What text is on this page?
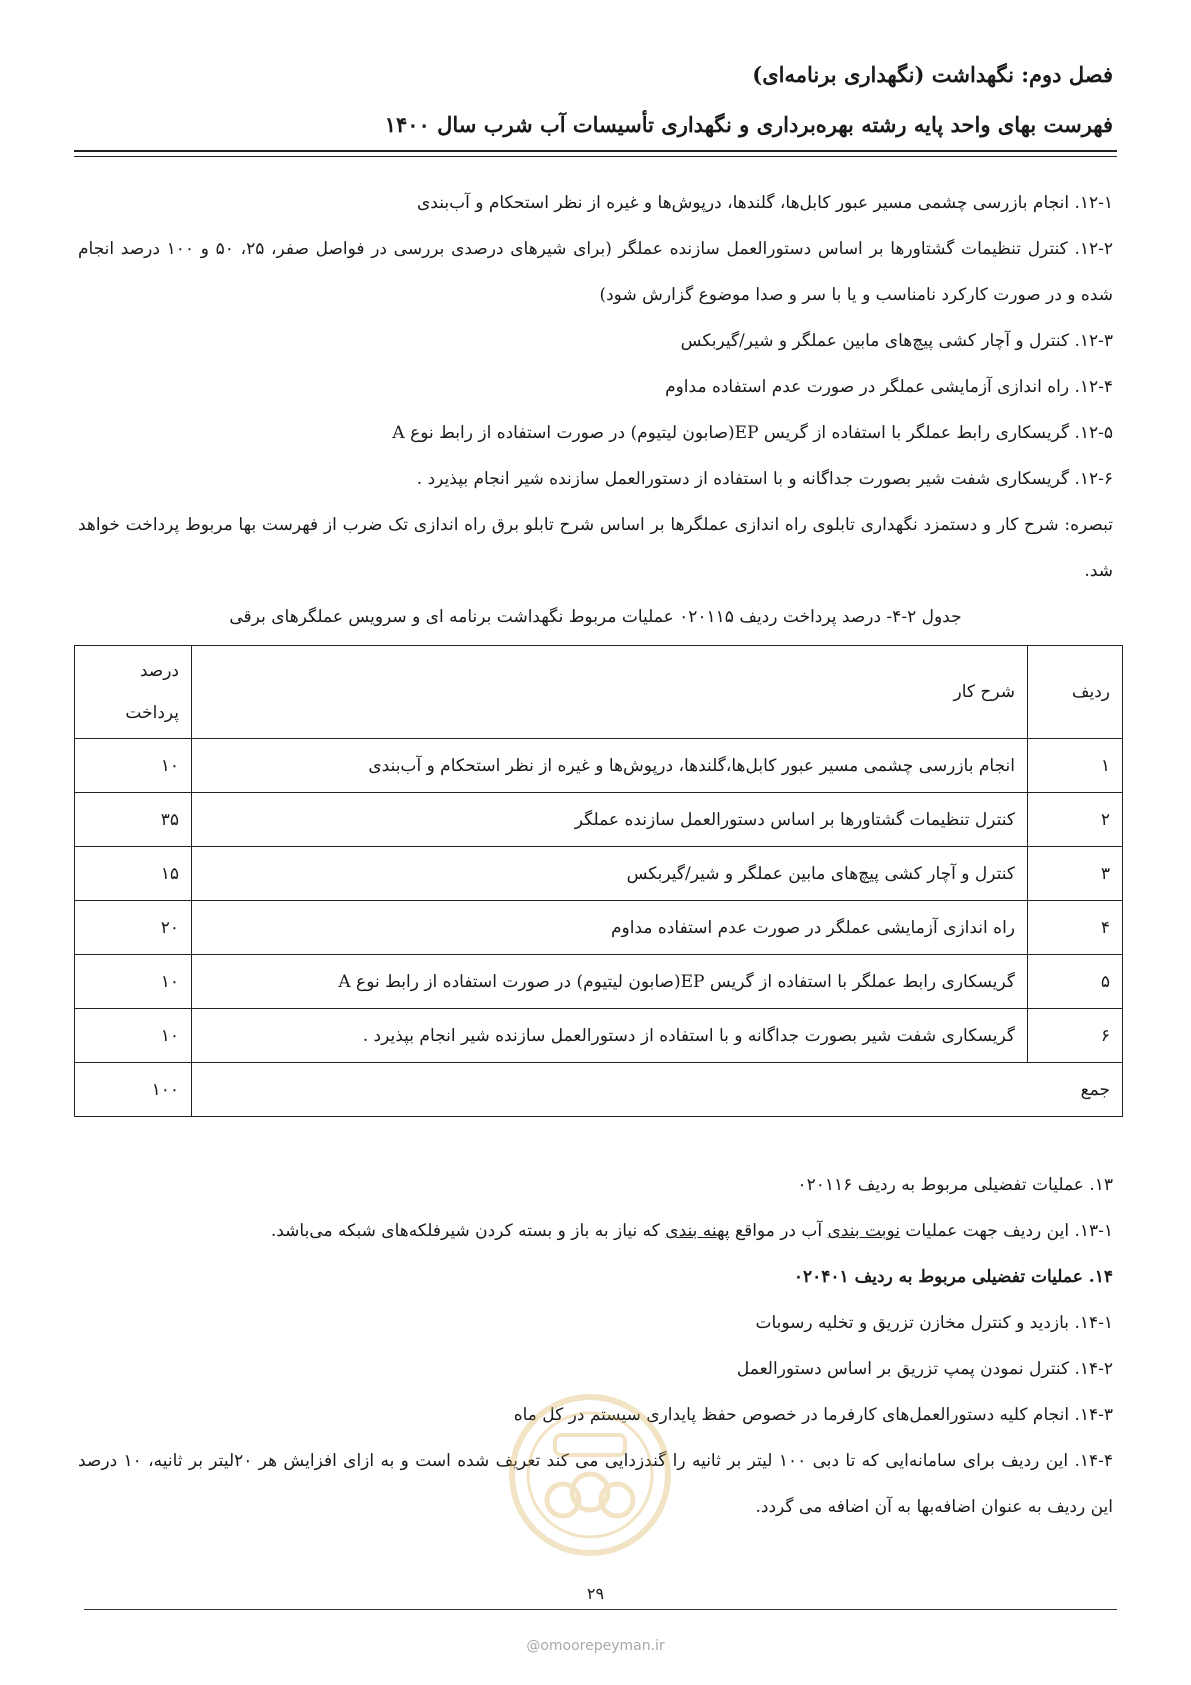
فصل دوم: نگهداشت (نگهداری برنامه‌ای)
فهرست بهای واحد پایه رشته بهره‌برداری و نگهداری تأسیسات آب شرب سال ۱۴۰۰

۱۲-۱. انجام بازرسی چشمی مسیر عبور کابل‌ها، گلندها، درپوش‌ها و غیره از نظر استحکام و آب‌بندی

۱۲-۲. کنترل تنظیمات گشتاورها بر اساس دستورالعمل سازنده عملگر (برای شیرهای درصدی بررسی در فواصل صفر، ۲۵، ۵۰ و ۱۰۰ درصد انجام شده و در صورت کارکرد نامناسب و یا با سر و صدا موضوع گزارش شود)

۱۲-۳. کنترل و آچار کشی پیچ‌های مابین عملگر و شیر/گیربکس

۱۲-۴. راه اندازی آزمایشی عملگر در صورت عدم استفاده مداوم

۱۲-۵. گریسکاری رابط عملگر با استفاده از گریس EP(صابون لیتیوم) در صورت استفاده از رابط نوع A

۱۲-۶. گریسکاری شفت شیر بصورت جداگانه و با استفاده از دستورالعمل سازنده شیر انجام بپذیرد .

تبصره: شرح کار و دستمزد نگهداری تابلوی راه اندازی عملگرها بر اساس شرح تابلو برق راه اندازی تک ضرب از فهرست بها مربوط پرداخت خواهد شد.

جدول ۲-۴- درصد پرداخت ردیف ۰۲۰۱۱۵ عملیات مربوط نگهداشت برنامه ای و سرویس عملگرهای برقی

ردیف	شرح کار	درصد
پرداخت
۱	انجام بازرسی چشمی مسیر عبور کابل‌ها،گلندها، درپوش‌ها و غیره از نظر استحکام و آب‌بندی	۱۰
۲	کنترل تنظیمات گشتاورها بر اساس دستورالعمل سازنده عملگر	۳۵
۳	کنترل و آچار کشی پیچ‌های مابین عملگر و شیر/گیربکس	۱۵
۴	راه اندازی آزمایشی عملگر در صورت عدم استفاده مداوم	۲۰
۵	گریسکاری رابط عملگر با استفاده از گریس EP(صابون لیتیوم) در صورت استفاده از رابط نوع A	۱۰
۶	گریسکاری شفت شیر بصورت جداگانه و با استفاده از دستورالعمل سازنده شیر انجام بپذیرد .	۱۰
جمع		۱۰۰

۱۳. عملیات تفضیلی مربوط به ردیف ۰۲۰۱۱۶

۱۳-۱. این ردیف جهت عملیات نوبت بندی آب در مواقع پهنه بندی که نیاز به باز و بسته کردن شیرفلکه‌های شبکه می‌باشد.

۱۴. عملیات تفضیلی مربوط به ردیف ۰۲۰۴۰۱

۱۴-۱. بازدید و کنترل مخازن تزریق و تخلیه رسوبات

۱۴-۲. کنترل نمودن پمپ تزریق بر اساس دستورالعمل

۱۴-۳. انجام کلیه دستورالعمل‌های کارفرما در خصوص حفظ پایداری سیستم در کل ماه

۱۴-۴. این ردیف برای سامانه‌ایی که تا دبی ۱۰۰ لیتر بر ثانیه را گندزدایی می کند تعریف شده است و به ازای افزایش هر ۲۰لیتر بر ثانیه، ۱۰ درصد این ردیف به عنوان اضافه‌بها به آن اضافه می گردد.

۲۹
@omoorepeyman.ir
